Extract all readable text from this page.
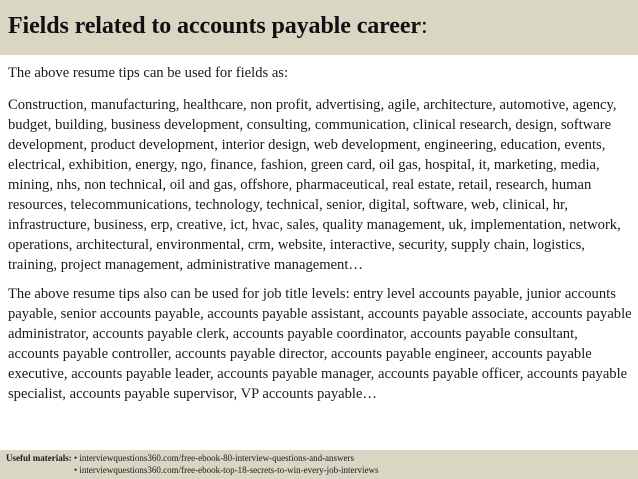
Fields related to accounts payable career:

The above resume tips can be used for fields as:

Construction, manufacturing, healthcare, non profit, advertising, agile, architecture, automotive, agency, budget, building, business development, consulting, communication, clinical research, design, software development, product development, interior design, web development, engineering, education, events, electrical, exhibition, energy, ngo, finance, fashion, green card, oil gas, hospital, it, marketing, media, mining, nhs, non technical, oil and gas, offshore, pharmaceutical, real estate, retail, research, human resources, telecommunications, technology, technical, senior, digital, software, web, clinical, hr, infrastructure, business, erp, creative, ict, hvac, sales, quality management, uk, implementation, network, operations, architectural, environmental, crm, website, interactive, security, supply chain, logistics, training, project management, administrative management…

The above resume tips also can be used for job title levels: entry level accounts payable, junior accounts payable, senior accounts payable, accounts payable assistant, accounts payable associate, accounts payable administrator, accounts payable clerk, accounts payable coordinator, accounts payable consultant, accounts payable controller, accounts payable director, accounts payable engineer, accounts payable executive, accounts payable leader, accounts payable manager, accounts payable officer, accounts payable specialist, accounts payable supervisor, VP accounts payable…

Useful materials: • interviewquestions360.com/free-ebook-80-interview-questions-and-answers
• interviewquestions360.com/free-ebook-top-18-secrets-to-win-every-job-interviews
